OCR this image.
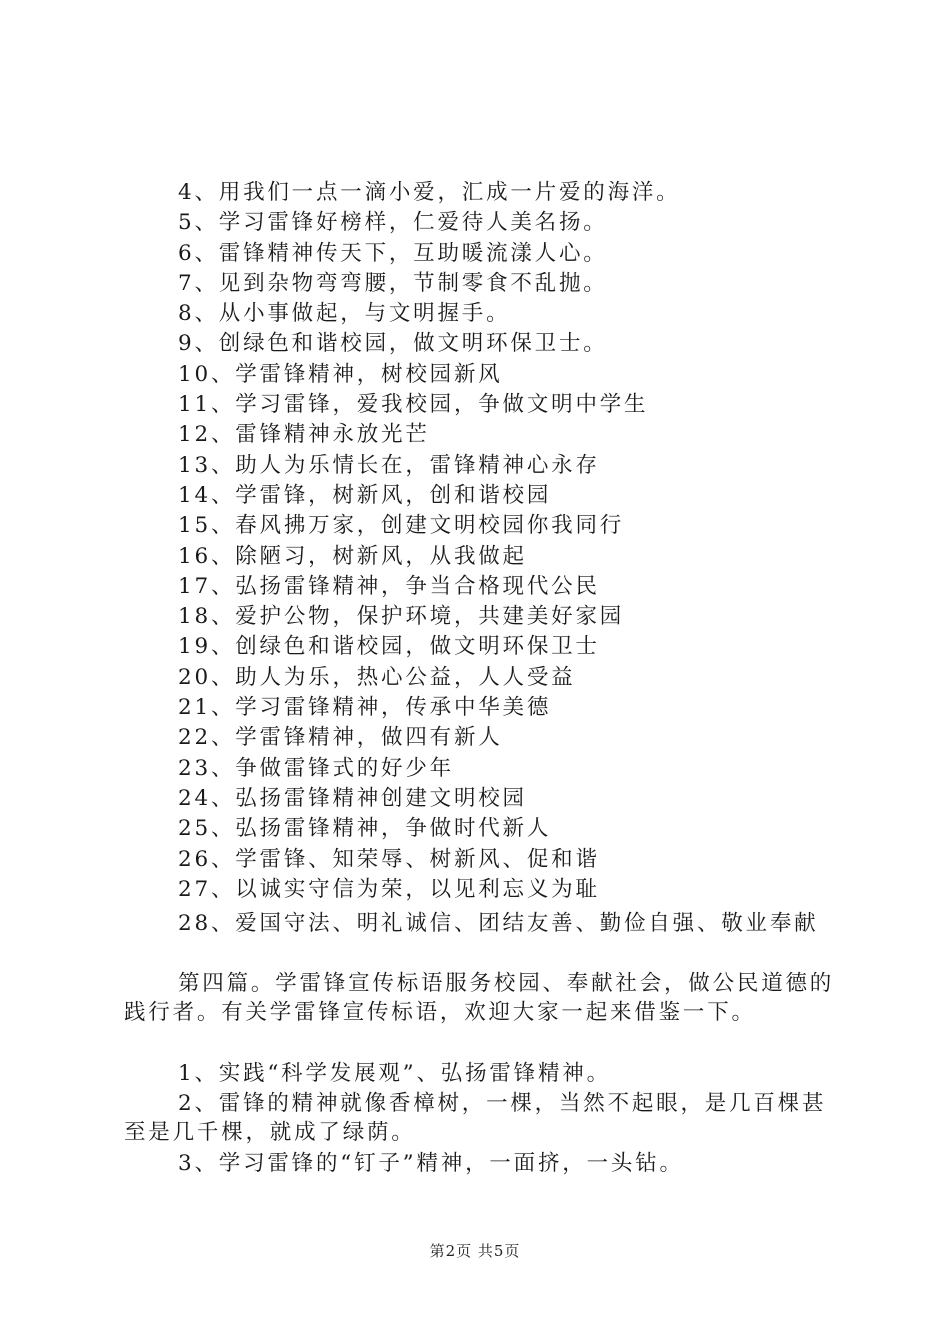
4、用我们一点一滴小爱，汇成一片爱的海洋。
5、学习雷锋好榜样，仁爱待人美名扬。
6、雷锋精神传天下，互助暖流漾人心。
7、见到杂物弯弯腰，节制零食不乱抛。
8、从小事做起，与文明握手。
9、创绿色和谐校园，做文明环保卫士。
10、学雷锋精神，树校园新风
11、学习雷锋，爱我校园，争做文明中学生
12、雷锋精神永放光芒
13、助人为乐情长在，雷锋精神心永存
14、学雷锋，树新风，创和谐校园
15、春风拂万家，创建文明校园你我同行
16、除陋习，树新风，从我做起
17、弘扬雷锋精神，争当合格现代公民
18、爱护公物，保护环境，共建美好家园
19、创绿色和谐校园，做文明环保卫士
20、助人为乐，热心公益，人人受益
21、学习雷锋精神，传承中华美德
22、学雷锋精神，做四有新人
23、争做雷锋式的好少年
24、弘扬雷锋精神创建文明校园
25、弘扬雷锋精神，争做时代新人
26、学雷锋、知荣辱、树新风、促和谐
27、以诚实守信为荣，以见利忘义为耻

28、爱国守法、明礼诚信、团结友善、勤俭自强、敬业奉献

第四篇。学雷锋宣传标语服务校园、奉献社会，做公民道德的践行者。有关学雷锋宣传标语，欢迎大家一起来借鉴一下。

1、实践“科学发展观”、弘扬雷锋精神。

2、雷锋的精神就像香樟树，一棵，当然不起眼，是几百棵甚至是几千棵，就成了绿荫。

3、学习雷锋的“钉子”精神，一面挤，一头钻。

第2页 共5页
